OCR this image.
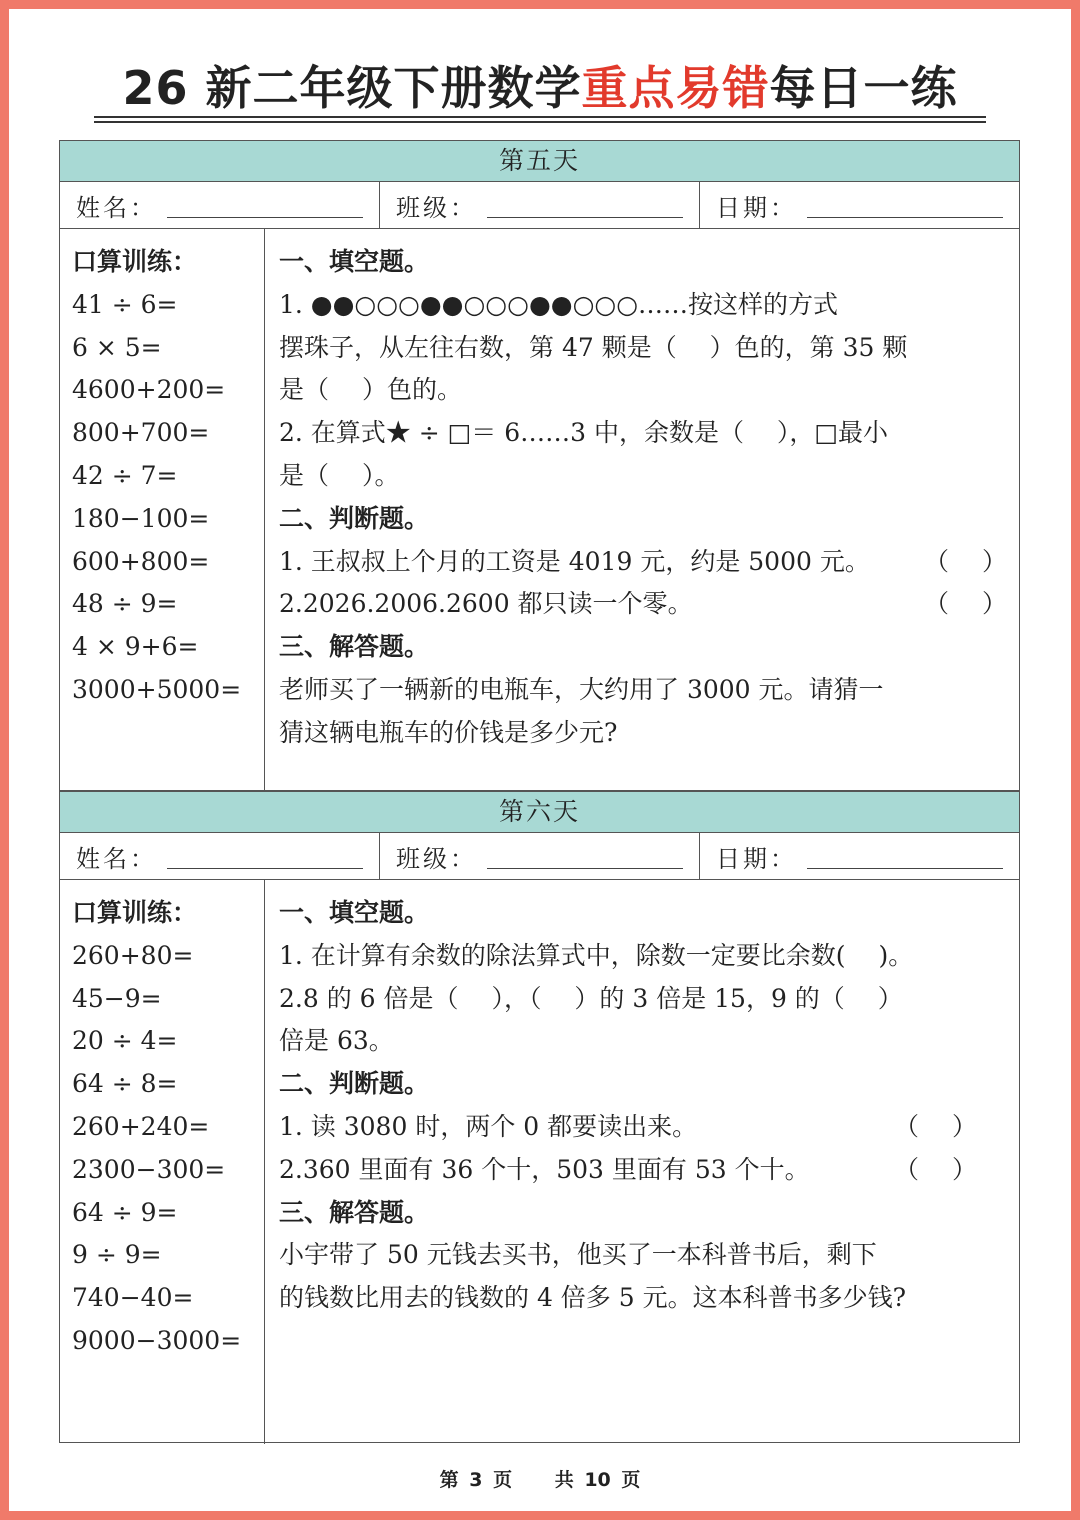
26 新二年级下册数学重点易错每日一练
第五天
姓名：	班级：	日期：
口算训练：
41 ÷ 6=
6 × 5=
4600+200=
800+700=
42 ÷ 7=
180−100=
600+800=
48 ÷ 9=
4 × 9+6=
3000+5000=
一、填空题。
1. ●●○○○●●○○○●●○○○……按这样的方式
摆珠子，从左往右数，第 47 颗是（　 ）色的，第 35 颗
是（　 ）色的。
2. 在算式★ ÷ □＝ 6……3 中，余数是（　 ），□最小
是（　 ）。
二、判断题。
1. 王叔叔上个月的工资是 4019 元，约是 5000 元。 （　 ）
2.2026.2006.2600 都只读一个零。	（　 ）
三、解答题。
老师买了一辆新的电瓶车，大约用了 3000 元。请猜一
猜这辆电瓶车的价钱是多少元?
第六天
姓名：	班级：	日期：
口算训练：
260+80=
45−9=
20 ÷ 4=
64 ÷ 8=
260+240=
2300−300=
64 ÷ 9=
9 ÷ 9=
740−40=
9000−3000=
一、填空题。
1. 在计算有余数的除法算式中，除数一定要比余数(　 )。
2.8 的 6 倍是（　 ），（　 ）的 3 倍是 15，9 的（　 ）
倍是 63。
二、判断题。
1. 读 3080 时，两个 0 都要读出来。	（　 ）
2.360 里面有 36 个十，503 里面有 53 个十。	（　 ）
三、解答题。
小宇带了 50 元钱去买书，他买了一本科普书后，剩下
的钱数比用去的钱数的 4 倍多 5 元。这本科普书多少钱?
第 3 页 共 10 页
